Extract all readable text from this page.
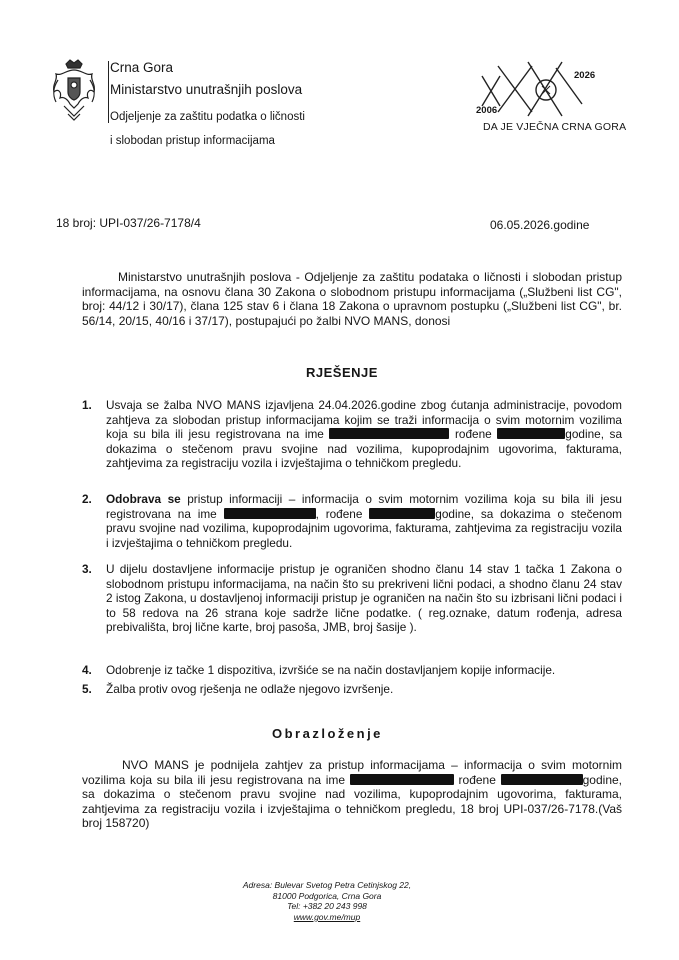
Crna Gora
Ministarstvo unutrašnjih poslova
Odjeljenje za zaštitu podatka o ličnosti
i slobodan pristup informacijama
2026
2006
DA JE VJEČNA CRNA GORA
18 broj: UPI-037/26-7178/4	06.05.2026.godine
Ministarstvo unutrašnjih poslova - Odjeljenje za zaštitu podataka o ličnosti i slobodan pristup informacijama, na osnovu člana 30 Zakona o slobodnom pristupu informacijama („Službeni list CG", broj: 44/12 i 30/17), člana 125 stav 6 i člana 18 Zakona o upravnom postupku („Službeni list CG", br. 56/14, 20/15, 40/16 i 37/17), postupajući po žalbi NVO MANS, donosi
RJEŠENJE
1. Usvaja se žalba NVO MANS izjavljena 24.04.2026.godine zbog ćutanja administracije, povodom zahtjeva za slobodan pristup informacijama kojim se traži informacija o svim motornim vozilima koja su bila ili jesu registrovana na ime	rođene	godine, sa dokazima o stečenom pravu svojine nad vozilima, kupoprodajnim ugovorima, fakturama, zahtjevima za registraciju vozila i izvještajima o tehničkom pregledu.
2. Odobrava se pristup informaciji – informacija o svim motornim vozilima koja su bila ili jesu registrovana na ime	, rođene	godine, sa dokazima o stečenom pravu svojine nad vozilima, kupoprodajnim ugovorima, fakturama, zahtjevima za registraciju vozila i izvještajima o tehničkom pregledu.
3. U dijelu dostavljene informacije pristup je ograničen shodno članu 14 stav 1 tačka 1 Zakona o slobodnom pristupu informacijama, na način što su prekriveni lični podaci, a shodno članu 24 stav 2 istog Zakona, u dostavljenoj informaciji pristup je ograničen na način što su izbrisani lični podaci i to 58 redova na 26 strana koje sadrže lične podatke. ( reg.oznake, datum rođenja, adresa prebivališta, broj lične karte, broj pasoša, JMB, broj šasije ).
4. Odobrenje iz tačke 1 dispozitiva, izvršiće se na način dostavljanjem kopije informacije.
5. Žalba protiv ovog rješenja ne odlaže njegovo izvršenje.
Obrazloženje
NVO MANS je podnijela zahtjev za pristup informacijama – informacija o svim motornim vozilima koja su bila ili jesu registrovana na ime	rođene	godine, sa dokazima o stečenom pravu svojine nad vozilima, kupoprodajnim ugovorima, fakturama, zahtjevima za registraciju vozila i izvještajima o tehničkom pregledu, 18 broj UPI-037/26-7178.(Vaš broj 158720)
Adresa: Bulevar Svetog Petra Cetinjskog 22,
81000 Podgorica, Crna Gora
Tel: +382 20 243 998
www.gov.me/mup
